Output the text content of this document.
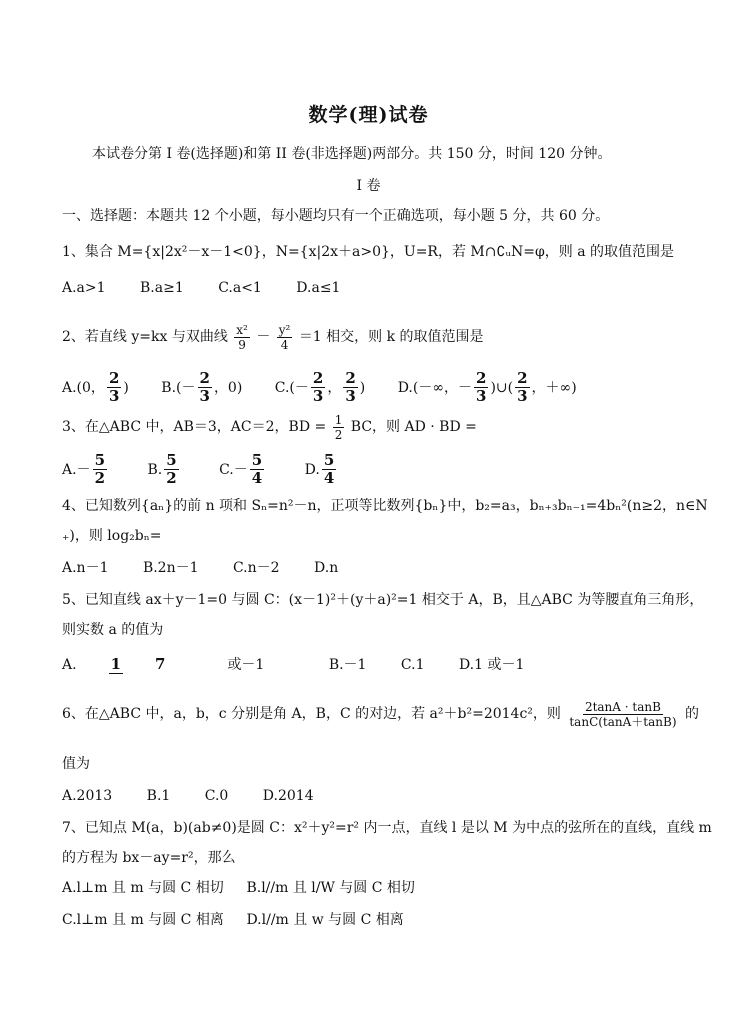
数学(理)试卷
本试卷分第 I 卷(选择题)和第 II 卷(非选择题)两部分。共 150 分，时间 120 分钟。
I 卷
一、选择题：本题共 12 个小题，每小题均只有一个正确选项，每小题 5 分，共 60 分。
1、集合 M={x|2x²－x－1<0}，N={x|2x＋a>0}，U=R，若 M∩∁ᵤN=φ，则 a 的取值范围是
A.a>1 B.a≥1 C.a<1 D.a≤1
2、若直线 y=kx 与双曲线 $\frac{\text{x²}}{9} - \frac{\text{y²}}{4} =1$ 相交，则 k 的取值范围是
A.(0， $\frac{2}{3}$ ) $B.(- \frac{2}{3}$ ，0) $C.(- \frac{2}{3}$ ， $\frac{2}{3}$ ) D.(－∞，－ $\frac{2}{3}$ )∪( $\frac{2}{3}$ ，＋∞)
3、在△ABC 中，AB＝3，AC＝2，BD = $\frac{1}{2}$ BC，则 AD · BD =
$A.- \frac{5}{2}$	B. $\frac{5}{2}$	$C.- \frac{5}{4}$	D. $\frac{5}{4}$
4、已知数列{aₙ}的前 n 项和 Sₙ=n²－n，正项等比数列{bₙ}中，b₂=a₃，bₙ₊₃bₙ₋₁=4bₙ²(n≥2，n∈N
₊)，则 log₂bₙ=
A.n－1 B.2n－1 C.n－2 D.n
5、已知直线 ax＋y－1=0 与圆 C：(x－1)²＋(y＋a)²=1 相交于 A，B，且△ABC 为等腰直角三角形，
则实数 a 的值为
A. 1 7	或－1	B.－1 C.1 D.1 或－1
6、在△ABC 中，a，b，c 分别是角 A，B，C 的对边，若 a²＋b²=2014c²，则 $\frac{2\tan A \cdot \tan B}{\tan C(\tan A+\tan B)}$ 的
值为
A.2013 B.1 C.0 D.2014
7、已知点 M(a，b)(ab≠0)是圆 C：x²＋y²=r² 内一点，直线 l 是以 M 为中点的弦所在的直线，直线 m
的方程为 bx－ay=r²，那么
A.l⊥m 且 m 与圆 C 相切 B.l//m 且 l/W 与圆 C 相切
C.l⊥m 且 m 与圆 C 相离 D.l//m 且 w 与圆 C 相离
